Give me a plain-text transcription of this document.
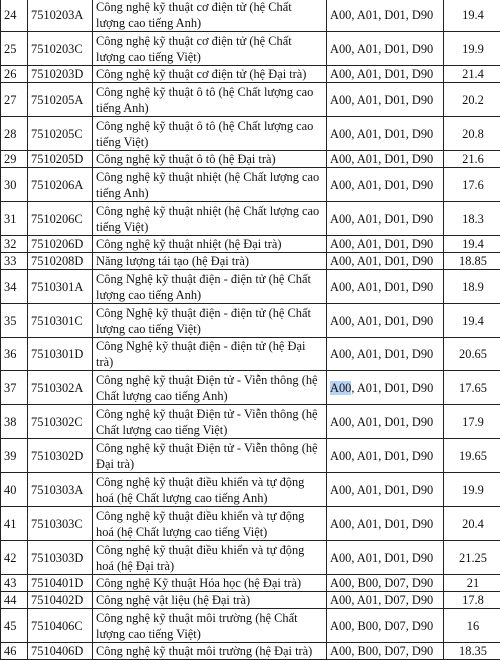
24	7510203A	Công nghệ kỹ thuật cơ điện tử (hệ Chất lượng cao tiếng Anh)	A00, A01, D01, D90	19.4
25	7510203C	Công nghệ kỹ thuật cơ điện tử (hệ Chất lượng cao tiếng Việt)	A00, A01, D01, D90	19.9
26	7510203D	Công nghệ kỹ thuật cơ điện tử (hệ Đại trà)	A00, A01, D01, D90	21.4
27	7510205A	Công nghệ kỹ thuật ô tô (hệ Chất lượng cao tiếng Anh)	A00, A01, D01, D90	20.2
28	7510205C	Công nghệ kỹ thuật ô tô (hệ Chất lượng cao tiếng Việt)	A00, A01, D01, D90	20.8
29	7510205D	Công nghệ kỹ thuật ô tô (hệ Đại trà)	A00, A01, D01, D90	21.6
30	7510206A	Công nghệ kỹ thuật nhiệt (hệ Chất lượng cao tiếng Anh)	A00, A01, D01, D90	17.6
31	7510206C	Công nghệ kỹ thuật nhiệt (hệ Chất lượng cao tiếng Việt)	A00, A01, D01, D90	18.3
32	7510206D	Công nghệ kỹ thuật nhiệt (hệ Đại trà)	A00, A01, D01, D90	19.4
33	7510208D	Năng lượng tái tạo (hệ Đại trà)	A00, A01, D01, D90	18.85
34	7510301A	Công Nghệ kỹ thuật điện - điện tử (hệ Chất lượng cao tiếng Anh)	A00, A01, D01, D90	18.9
35	7510301C	Công Nghệ kỹ thuật điện - điện tử (hệ Chất lượng cao tiếng Việt)	A00, A01, D01, D90	19.4
36	7510301D	Công Nghệ kỹ thuật điện - điện tử (hệ Đại trà)	A00, A01, D01, D90	20.65
37	7510302A	Công nghệ kỹ thuật Điện tử - Viễn thông (hệ Chất lượng cao tiếng Anh)	A00, A01, D01, D90	17.65
38	7510302C	Công nghệ kỹ thuật Điện tử - Viễn thông (hệ Chất lượng cao tiếng Việt)	A00, A01, D01, D90	17.9
39	7510302D	Công nghệ kỹ thuật Điện tử - Viễn thông (hệ Đại trà)	A00, A01, D01, D90	19.65
40	7510303A	Công nghệ kỹ thuật điều khiển và tự động hoá (hệ Chất lượng cao tiếng Anh)	A00, A01, D01, D90	19.9
41	7510303C	Công nghệ kỹ thuật điều khiển và tự động hoá (hệ Chất lượng cao tiếng Việt)	A00, A01, D01, D90	20.4
42	7510303D	Công nghệ kỹ thuật điều khiển và tự động hoá (hệ Đại trà)	A00, A01, D01, D90	21.25
43	7510401D	Công nghệ Kỹ thuật Hóa học (hệ Đại trà)	A00, B00, D07, D90	21
44	7510402D	Công nghệ vật liệu (hệ Đại trà)	A00, A01, D07, D90	17.8
45	7510406C	Công nghệ kỹ thuật môi trường (hệ Chất lượng cao tiếng Việt)	A00, B00, D07, D90	16
46	7510406D	Công nghệ kỹ thuật môi trường (hệ Đại trà)	A00, B00, D07, D90	18.35
